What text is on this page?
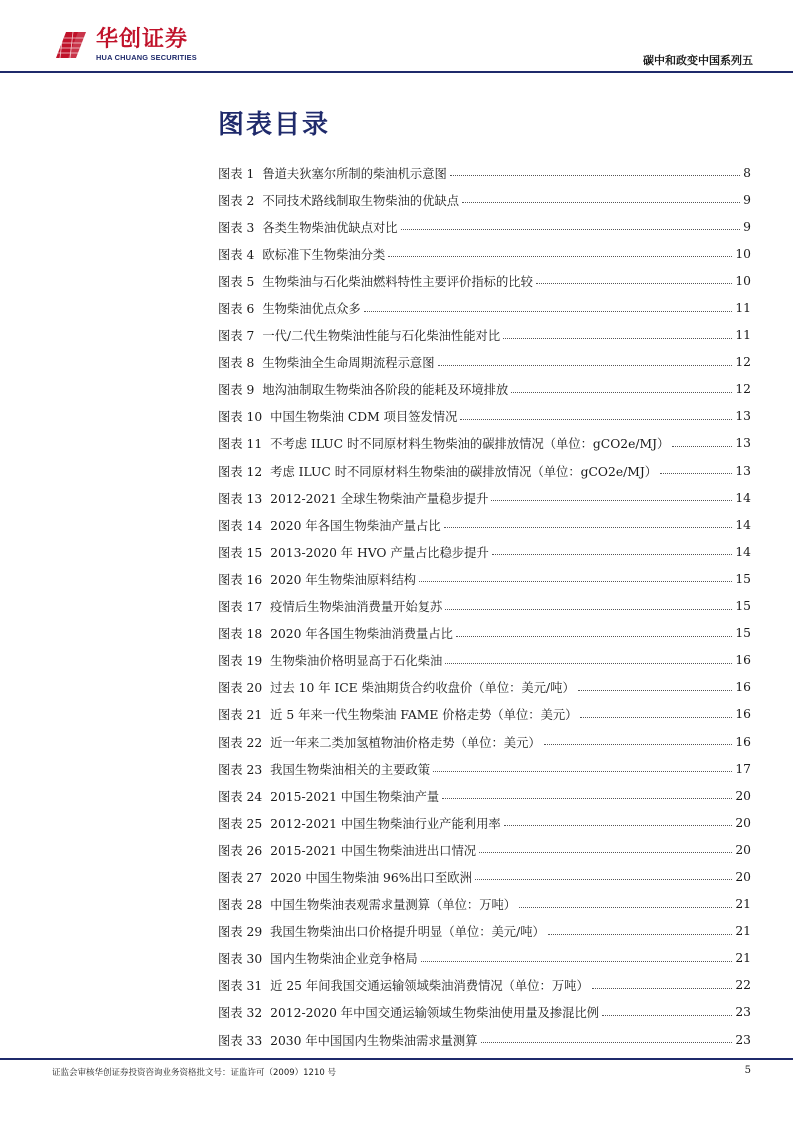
华创证券
HUA CHUANG SECURITIES	碳中和政变中国系列五
图表目录
图表 1 鲁道夫狄塞尔所制的柴油机示意图	8
图表 2 不同技术路线制取生物柴油的优缺点	9
图表 3 各类生物柴油优缺点对比	9
图表 4 欧标准下生物柴油分类	10
图表 5 生物柴油与石化柴油燃料特性主要评价指标的比较	10
图表 6 生物柴油优点众多	11
图表 7 一代/二代生物柴油性能与石化柴油性能对比	11
图表 8 生物柴油全生命周期流程示意图	12
图表 9 地沟油制取生物柴油各阶段的能耗及环境排放	12
图表 10 中国生物柴油 CDM 项目签发情况	13
图表 11 不考虑 ILUC 时不同原材料生物柴油的碳排放情况（单位：gCO2e/MJ）	13
图表 12 考虑 ILUC 时不同原材料生物柴油的碳排放情况（单位：gCO2e/MJ）	13
图表 13 2012-2021 全球生物柴油产量稳步提升	14
图表 14 2020 年各国生物柴油产量占比	14
图表 15 2013-2020 年 HVO 产量占比稳步提升	14
图表 16 2020 年生物柴油原料结构	15
图表 17 疫情后生物柴油消费量开始复苏	15
图表 18 2020 年各国生物柴油消费量占比	15
图表 19 生物柴油价格明显高于石化柴油	16
图表 20 过去 10 年 ICE 柴油期货合约收盘价（单位：美元/吨）	16
图表 21 近 5 年来一代生物柴油 FAME 价格走势（单位：美元）	16
图表 22 近一年来二类加氢植物油价格走势（单位：美元）	16
图表 23 我国生物柴油相关的主要政策	17
图表 24 2015-2021 中国生物柴油产量	20
图表 25 2012-2021 中国生物柴油行业产能利用率	20
图表 26 2015-2021 中国生物柴油进出口情况	20
图表 27 2020 中国生物柴油 96%出口至欧洲	20
图表 28 中国生物柴油表观需求量测算（单位：万吨）	21
图表 29 我国生物柴油出口价格提升明显（单位：美元/吨）	21
图表 30 国内生物柴油企业竞争格局	21
图表 31 近 25 年间我国交通运输领域柴油消费情况（单位：万吨）	22
图表 32 2012-2020 年中国交通运输领域生物柴油使用量及掺混比例	23
图表 33 2030 年中国国内生物柴油需求量测算	23
证监会审核华创证券投资咨询业务资格批文号：证监许可（2009）1210 号	5
